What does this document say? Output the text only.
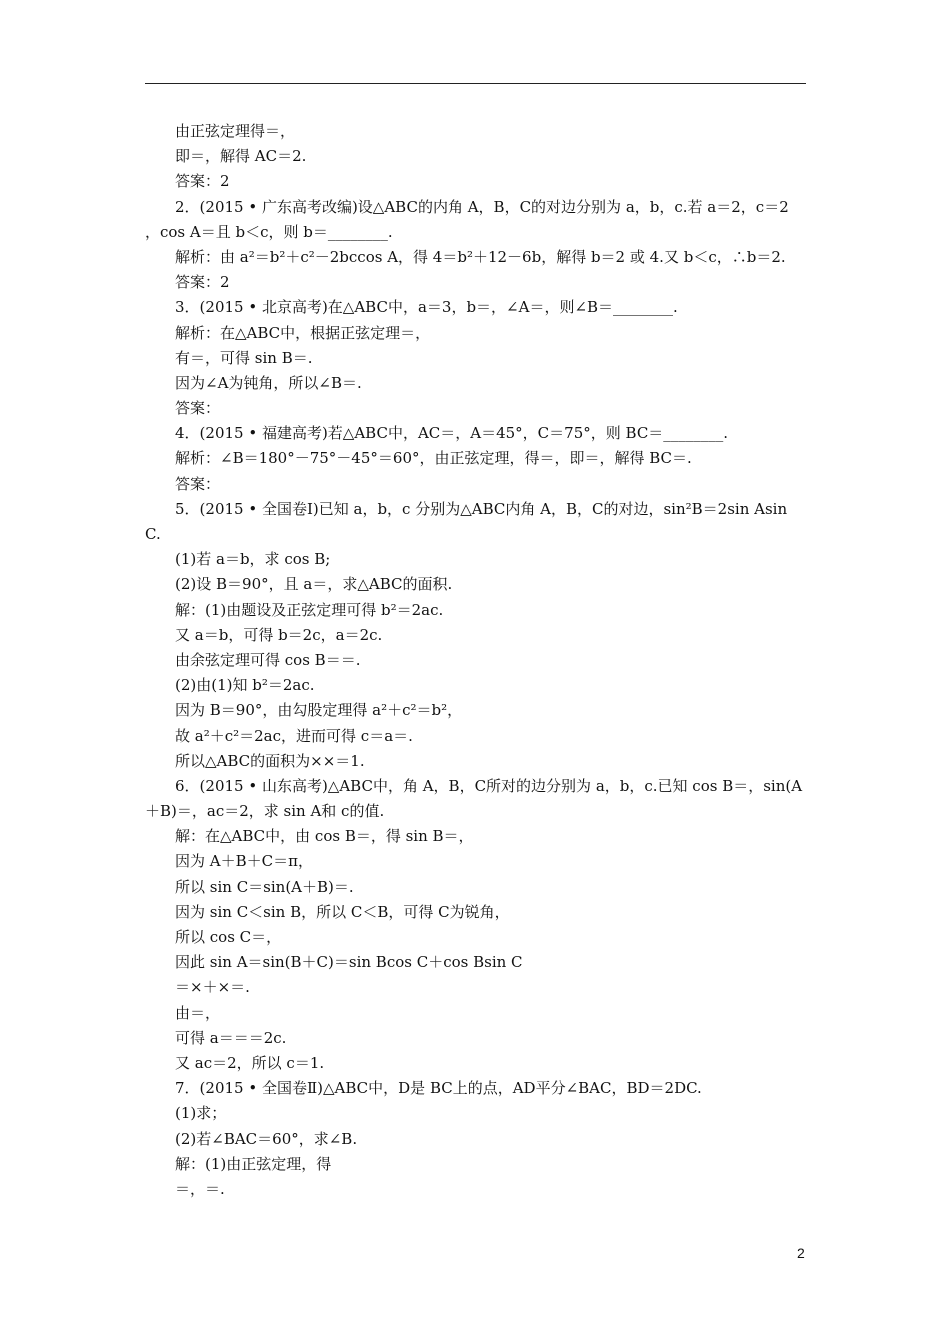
由正弦定理得＝，
即＝，解得 AC＝2.
答案：2
2．(2015 • 广东高考改编)设△ABC的内角 A，B，C的对边分别为 a，b，c.若 a＝2，c＝2
，cos A＝且 b＜c，则 b＝________.
解析：由 a²＝b²＋c²－2bccos A，得 4＝b²＋12－6b，解得 b＝2 或 4.又 b＜c，∴b＝2.
答案：2
3．(2015 • 北京高考)在△ABC中，a＝3，b＝，∠A＝，则∠B＝________.
解析：在△ABC中，根据正弦定理＝，
有＝，可得 sin B＝.
因为∠A为钝角，所以∠B＝.
答案：
4．(2015 • 福建高考)若△ABC中，AC＝，A＝45°，C＝75°，则 BC＝________.
解析：∠B＝180°－75°－45°＝60°，由正弦定理，得＝，即＝，解得 BC＝.
答案：
5．(2015 • 全国卷Ⅰ)已知 a，b，c 分别为△ABC内角 A，B，C的对边，sin²B＝2sin Asin
C.
(1)若 a＝b，求 cos B;
(2)设 B＝90°，且 a＝，求△ABC的面积.
解：(1)由题设及正弦定理可得 b²＝2ac.
又 a＝b，可得 b＝2c，a＝2c.
由余弦定理可得 cos B＝＝.
(2)由(1)知 b²＝2ac.
因为 B＝90°，由勾股定理得 a²＋c²＝b²，
故 a²＋c²＝2ac，进而可得 c＝a＝.
所以△ABC的面积为××＝1.
6．(2015 • 山东高考)△ABC中，角 A，B，C所对的边分别为 a，b，c.已知 cos B＝，sin(A
＋B)＝，ac＝2，求 sin A和 c的值.
解：在△ABC中，由 cos B＝，得 sin B＝，
因为 A＋B＋C＝π，
所以 sin C＝sin(A＋B)＝.
因为 sin C＜sin B，所以 C＜B，可得 C为锐角，
所以 cos C＝，
因此 sin A＝sin(B＋C)＝sin Bcos C＋cos Bsin C
＝×＋×＝.
由＝，
可得 a＝＝＝2c.
又 ac＝2，所以 c＝1.
7．(2015 • 全国卷Ⅱ)△ABC中，D是 BC上的点，AD平分∠BAC，BD＝2DC.
(1)求；
(2)若∠BAC＝60°，求∠B.
解：(1)由正弦定理，得
＝，＝.
2
